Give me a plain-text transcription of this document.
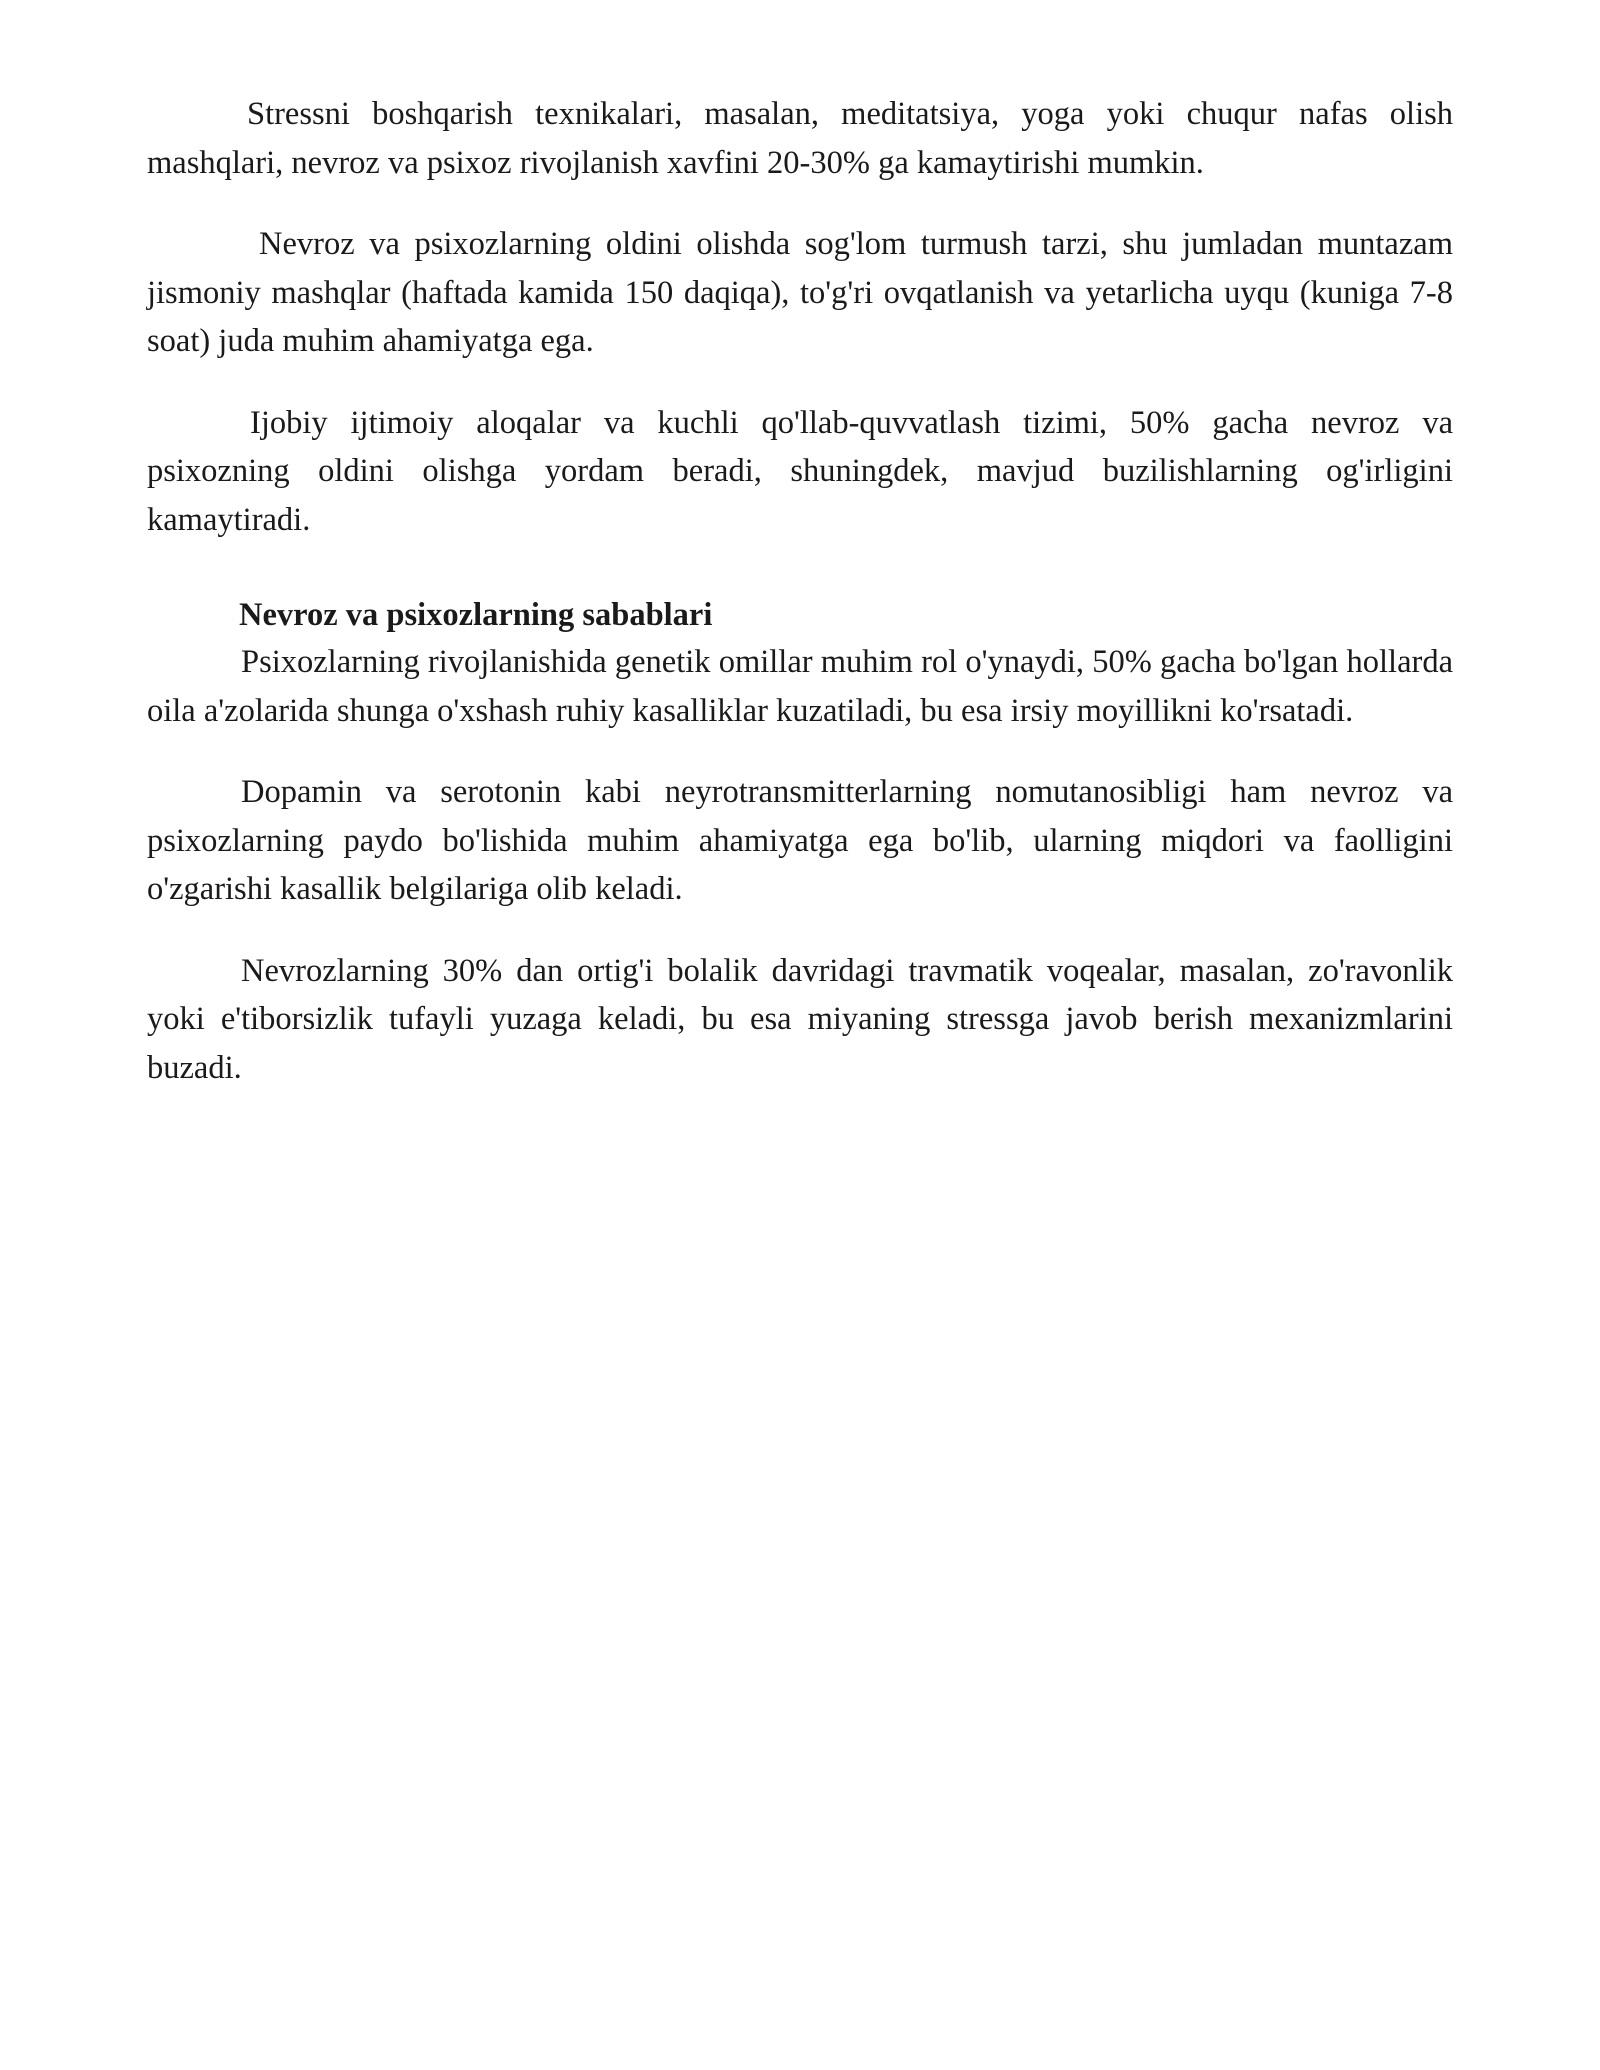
Stressni boshqarish texnikalari, masalan, meditatsiya, yoga yoki chuqur nafas olish mashqlari, nevroz va psixoz rivojlanish xavfini 20-30% ga kamaytirishi mumkin.

Nevroz va psixozlarning oldini olishda sog'lom turmush tarzi, shu jumladan muntazam jismoniy mashqlar (haftada kamida 150 daqiqa), to'g'ri ovqatlanish va yetarlicha uyqu (kuniga 7-8 soat) juda muhim ahamiyatga ega.

Ijobiy ijtimoiy aloqalar va kuchli qo'llab-quvvatlash tizimi, 50% gacha nevroz va psixozning oldini olishga yordam beradi, shuningdek, mavjud buzilishlarning og'irligini kamaytiradi.

Nevroz va psixozlarning sabablari

Psixozlarning rivojlanishida genetik omillar muhim rol o'ynaydi, 50% gacha bo'lgan hollarda oila a'zolarida shunga o'xshash ruhiy kasalliklar kuzatiladi, bu esa irsiy moyillikni ko'rsatadi.

Dopamin va serotonin kabi neyrotransmitterlarning nomutanosibligi ham nevroz va psixozlarning paydo bo'lishida muhim ahamiyatga ega bo'lib, ularning miqdori va faolligini o'zgarishi kasallik belgilariga olib keladi.

Nevrozlarning 30% dan ortig'i bolalik davridagi travmatik voqealar, masalan, zo'ravonlik yoki e'tiborsizlik tufayli yuzaga keladi, bu esa miyaning stressga javob berish mexanizmlarini buzadi.
